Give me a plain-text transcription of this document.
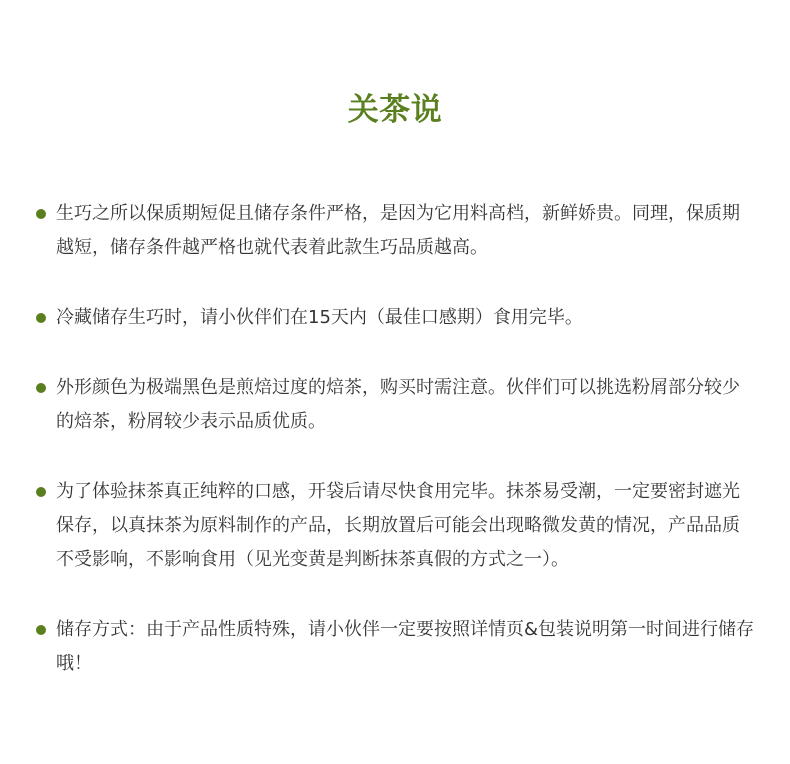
关茶说
生巧之所以保质期短促且储存条件严格，是因为它用料高档，新鲜娇贵。同理，保质期越短，储存条件越严格也就代表着此款生巧品质越高。
冷藏储存生巧时，请小伙伴们在15天内（最佳口感期）食用完毕。
外形颜色为极端黑色是煎焙过度的焙茶，购买时需注意。伙伴们可以挑选粉屑部分较少的焙茶，粉屑较少表示品质优质。
为了体验抹茶真正纯粹的口感，开袋后请尽快食用完毕。抹茶易受潮，一定要密封遮光保存，以真抹茶为原料制作的产品，长期放置后可能会出现略微发黄的情况，产品品质不受影响，不影响食用（见光变黄是判断抹茶真假的方式之一）。
储存方式：由于产品性质特殊，请小伙伴一定要按照详情页&包装说明第一时间进行储存哦！
